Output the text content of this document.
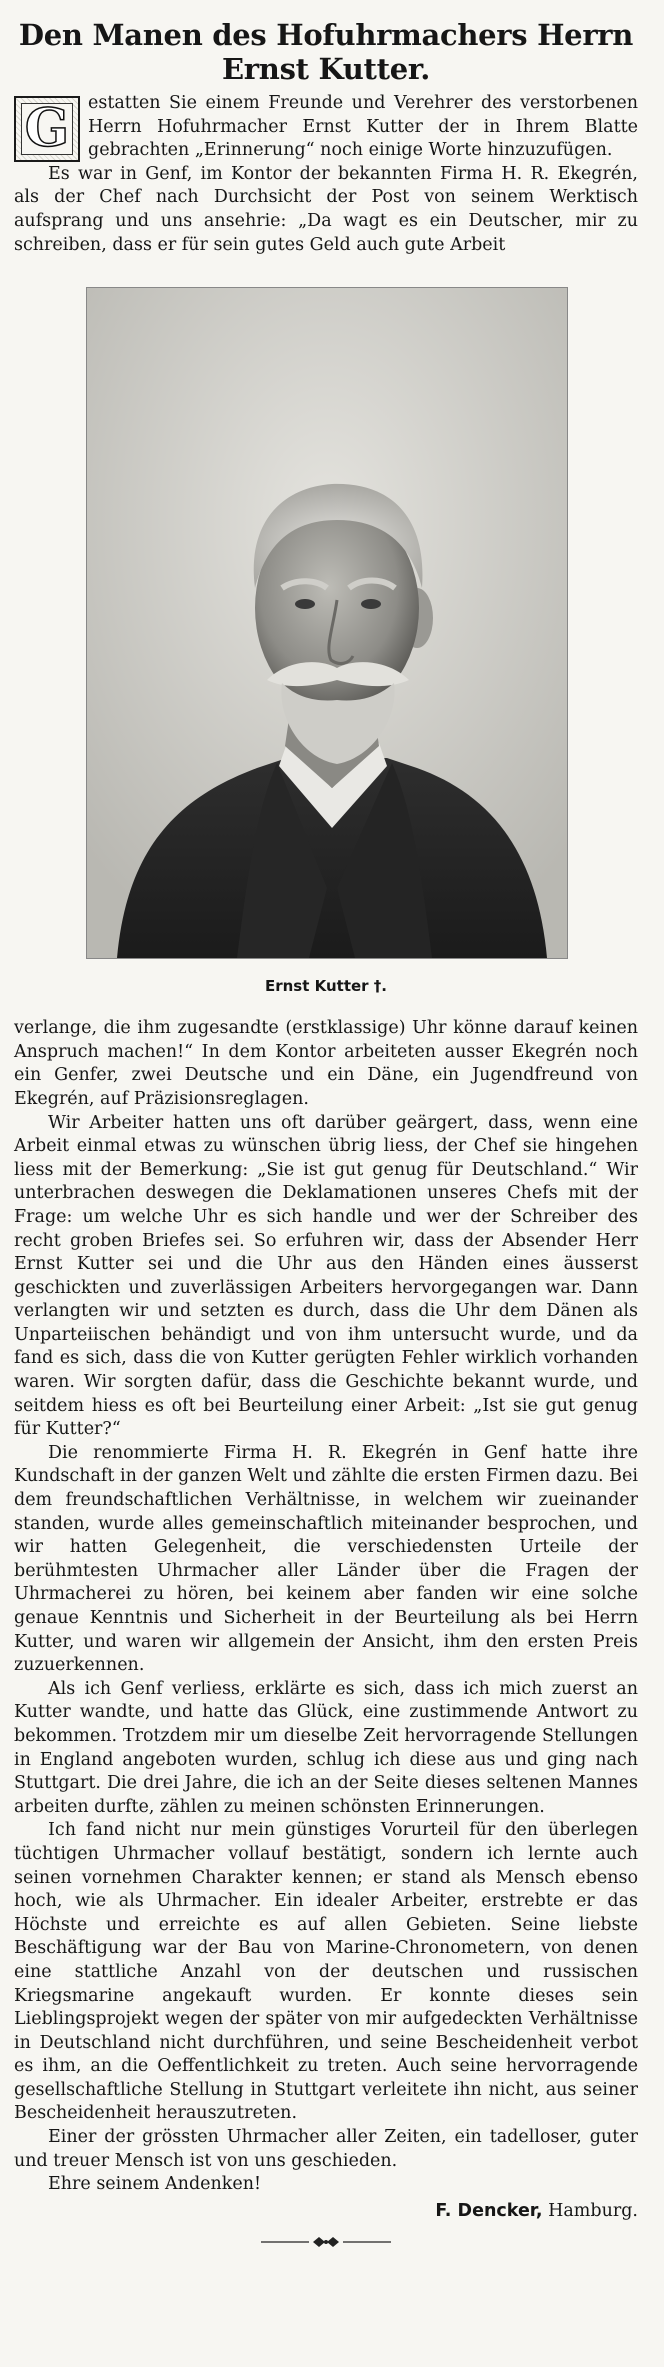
Den Manen des Hofuhrmachers Herrn
Ernst Kutter.
G	estatten Sie einem Freunde und Verehrer des verstorbenen Herrn Hofuhrmacher Ernst Kutter der in Ihrem Blatte gebrachten „Erinnerung“ noch einige Worte hinzuzufügen.

Es war in Genf, im Kontor der bekannten Firma H. R. Ekegrén, als der Chef nach Durchsicht der Post von seinem Werktisch aufsprang und uns ansehrie: „Da wagt es ein Deutscher, mir zu schreiben, dass er für sein gutes Geld auch gute Arbeit

Ernst Kutter †.

verlange, die ihm zugesandte (erstklassige) Uhr könne darauf keinen Anspruch machen!“ In dem Kontor arbeiteten ausser Ekegrén noch ein Genfer, zwei Deutsche und ein Däne, ein Jugendfreund von Ekegrén, auf Präzisionsreglagen.

Wir Arbeiter hatten uns oft darüber geärgert, dass, wenn eine Arbeit einmal etwas zu wünschen übrig liess, der Chef sie hingehen liess mit der Bemerkung: „Sie ist gut genug für Deutschland.“ Wir unterbrachen deswegen die Deklamationen unseres Chefs mit der Frage: um welche Uhr es sich handle und wer der Schreiber des recht groben Briefes sei. So erfuhren wir, dass der Absender Herr Ernst Kutter sei und die Uhr aus den Händen eines äusserst geschickten und zuverlässigen Arbeiters hervorgegangen war. Dann verlangten wir und setzten es durch, dass die Uhr dem Dänen als Unparteiischen behändigt und von ihm untersucht wurde, und da fand es sich, dass die von Kutter gerügten Fehler wirklich vorhanden waren. Wir sorgten dafür, dass die Geschichte bekannt wurde, und seitdem hiess es oft bei Beurteilung einer Arbeit: „Ist sie gut genug für Kutter?“

Die renommierte Firma H. R. Ekegrén in Genf hatte ihre Kundschaft in der ganzen Welt und zählte die ersten Firmen dazu. Bei dem freundschaftlichen Verhältnisse, in welchem wir zueinander standen, wurde alles gemeinschaftlich miteinander besprochen, und wir hatten Gelegenheit, die verschiedensten Urteile der berühmtesten Uhrmacher aller Länder über die Fragen der Uhrmacherei zu hören, bei keinem aber fanden wir eine solche genaue Kenntnis und Sicherheit in der Beurteilung als bei Herrn Kutter, und waren wir allgemein der Ansicht, ihm den ersten Preis zuzuerkennen.

Als ich Genf verliess, erklärte es sich, dass ich mich zuerst an Kutter wandte, und hatte das Glück, eine zustimmende Antwort zu bekommen. Trotzdem mir um dieselbe Zeit hervorragende Stellungen in England angeboten wurden, schlug ich diese aus und ging nach Stuttgart. Die drei Jahre, die ich an der Seite dieses seltenen Mannes arbeiten durfte, zählen zu meinen schönsten Erinnerungen.

Ich fand nicht nur mein günstiges Vorurteil für den überlegen tüchtigen Uhrmacher vollauf bestätigt, sondern ich lernte auch seinen vornehmen Charakter kennen; er stand als Mensch ebenso hoch, wie als Uhrmacher. Ein idealer Arbeiter, erstrebte er das Höchste und erreichte es auf allen Gebieten. Seine liebste Beschäftigung war der Bau von Marine-Chronometern, von denen eine stattliche Anzahl von der deutschen und russischen Kriegsmarine angekauft wurden. Er konnte dieses sein Lieblingsprojekt wegen der später von mir aufgedeckten Verhältnisse in Deutschland nicht durchführen, und seine Bescheidenheit verbot es ihm, an die Oeffentlichkeit zu treten. Auch seine hervorragende gesellschaftliche Stellung in Stuttgart verleitete ihn nicht, aus seiner Bescheidenheit herauszutreten.

Einer der grössten Uhrmacher aller Zeiten, ein tadelloser, guter und treuer Mensch ist von uns geschieden.

Ehre seinem Andenken!

F. Dencker, Hamburg.
